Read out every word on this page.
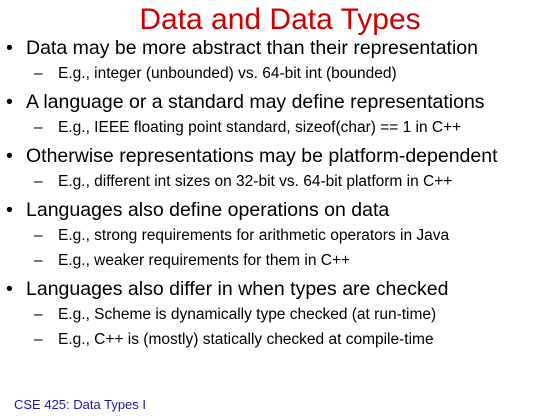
Data and Data Types
• Data may be more abstract than their representation
– E.g., integer (unbounded) vs. 64-bit int (bounded)
• A language or a standard may define representations
– E.g., IEEE floating point standard, sizeof(char) == 1 in C++
• Otherwise representations may be platform-dependent
– E.g., different int sizes on 32-bit vs. 64-bit platform in C++
• Languages also define operations on data
– E.g., strong requirements for arithmetic operators in Java
– E.g., weaker requirements for them in C++
• Languages also differ in when types are checked
– E.g., Scheme is dynamically type checked (at run-time)
– E.g., C++ is (mostly) statically checked at compile-time
CSE 425: Data Types I
